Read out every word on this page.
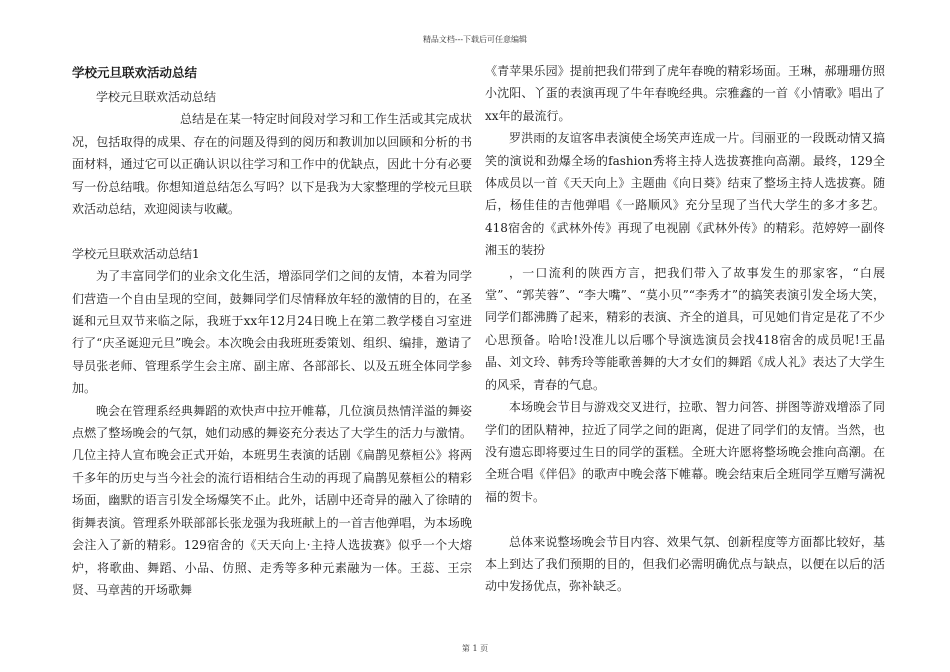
精品文档---下载后可任意编辑

学校元旦联欢活动总结

学校元旦联欢活动总结

总结是在某一特定时间段对学习和工作生活或其完成状况，包括取得的成果、存在的问题及得到的阅历和教训加以回顾和分析的书面材料，通过它可以正确认识以往学习和工作中的优缺点，因此十分有必要写一份总结哦。你想知道总结怎么写吗？以下是我为大家整理的学校元旦联欢活动总结，欢迎阅读与收藏。

学校元旦联欢活动总结1

为了丰富同学们的业余文化生活，增添同学们之间的友情，本着为同学们营造一个自由呈现的空间，鼓舞同学们尽情释放年轻的激情的目的，在圣诞和元旦双节来临之际，我班于xx年12月24日晚上在第二教学楼自习室进行了“庆圣诞迎元旦”晚会。本次晚会由我班班委策划、组织、编排，邀请了导员张老师、管理系学生会主席、副主席、各部部长、以及五班全体同学参加。

晚会在管理系经典舞蹈的欢快声中拉开帷幕，几位演员热情洋溢的舞姿点燃了整场晚会的气氛，她们动感的舞姿充分表达了大学生的活力与激情。几位主持人宣布晚会正式开始，本班男生表演的话剧《扁鹊见蔡桓公》将两千多年的历史与当今社会的流行语相结合生动的再现了扁鹊见蔡桓公的精彩场面，幽默的语言引发全场爆笑不止。此外，话剧中还奇异的融入了徐晴的街舞表演。管理系外联部部长张龙强为我班献上的一首吉他弹唱，为本场晚会注入了新的精彩。129宿舍的《天天向上·主持人选拔赛》似乎一个大熔炉，将歌曲、舞蹈、小品、仿照、走秀等多种元素融为一体。王蕊、王宗贤、马章茜的开场歌舞

《青苹果乐园》提前把我们带到了虎年春晚的精彩场面。王琳，郝珊珊仿照小沈阳、丫蛋的表演再现了牛年春晚经典。宗雅鑫的一首《小情歌》唱出了xx年的最流行。

罗洪雨的友谊客串表演使全场笑声连成一片。闫丽亚的一段既动情又搞笑的演说和劲爆全场的fashion秀将主持人选拔赛推向高潮。最终，129全体成员以一首《天天向上》主题曲《向日葵》结束了整场主持人选拔赛。随后，杨佳佳的吉他弹唱《一路顺风》充分呈现了当代大学生的多才多艺。418宿舍的《武林外传》再现了电视剧《武林外传》的精彩。范婷婷一副佟湘玉的装扮

，一口流利的陕西方言，把我们带入了故事发生的那家客，“白展堂”、“郭芙蓉”、“李大嘴”、“莫小贝”“李秀才”的搞笑表演引发全场大笑，同学们都沸腾了起来，精彩的表演、齐全的道具，可见她们肯定是花了不少心思预备。哈哈!没准儿以后哪个导演选演员会找418宿舍的成员呢!王晶晶、刘文玲、韩秀玲等能歌善舞的大才女们的舞蹈《成人礼》表达了大学生的风采，青春的气息。

本场晚会节目与游戏交叉进行，拉歌、智力问答、拼图等游戏增添了同学们的团队精神，拉近了同学之间的距离，促进了同学们的友情。当然，也没有遗忘即将要过生日的同学的蛋糕。全班大许愿将整场晚会推向高潮。在全班合唱《伴侣》的歌声中晚会落下帷幕。晚会结束后全班同学互赠写满祝福的贺卡。

总体来说整场晚会节目内容、效果气氛、创新程度等方面都比较好，基本上到达了我们预期的目的，但我们必需明确优点与缺点，以便在以后的活动中发扬优点，弥补缺乏。

第 1 页
